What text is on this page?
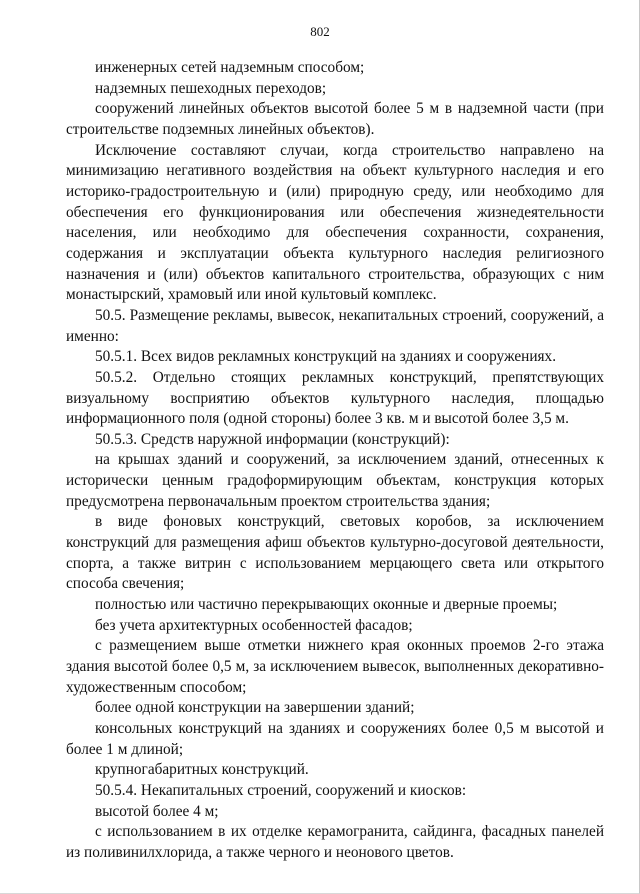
802

инженерных сетей надземным способом;

надземных пешеходных переходов;

сооружений линейных объектов высотой более 5 м в надземной части (при строительстве подземных линейных объектов).

Исключение составляют случаи, когда строительство направлено на минимизацию негативного воздействия на объект культурного наследия и его историко-градостроительную и (или) природную среду, или необходимо для обеспечения его функционирования или обеспечения жизнедеятельности населения, или необходимо для обеспечения сохранности, сохранения, содержания и эксплуатации объекта культурного наследия религиозного назначения и (или) объектов капитального строительства, образующих с ним монастырский, храмовый или иной культовый комплекс.

50.5. Размещение рекламы, вывесок, некапитальных строений, сооружений, а именно:

50.5.1. Всех видов рекламных конструкций на зданиях и сооружениях.

50.5.2. Отдельно стоящих рекламных конструкций, препятствующих визуальному восприятию объектов культурного наследия, площадью информационного поля (одной стороны) более 3 кв. м и высотой более 3,5 м.

50.5.3. Средств наружной информации (конструкций):

на крышах зданий и сооружений, за исключением зданий, отнесенных к исторически ценным градоформирующим объектам, конструкция которых предусмотрена первоначальным проектом строительства здания;

в виде фоновых конструкций, световых коробов, за исключением конструкций для размещения афиш объектов культурно-досуговой деятельности, спорта, а также витрин с использованием мерцающего света или открытого способа свечения;

полностью или частично перекрывающих оконные и дверные проемы;

без учета архитектурных особенностей фасадов;

с размещением выше отметки нижнего края оконных проемов 2-го этажа здания высотой более 0,5 м, за исключением вывесок, выполненных декоративно-художественным способом;

более одной конструкции на завершении зданий;

консольных конструкций на зданиях и сооружениях более 0,5 м высотой и более 1 м длиной;

крупногабаритных конструкций.

50.5.4. Некапитальных строений, сооружений и киосков:

высотой более 4 м;

с использованием в их отделке керамогранита, сайдинга, фасадных панелей из поливинилхлорида, а также черного и неонового цветов.
